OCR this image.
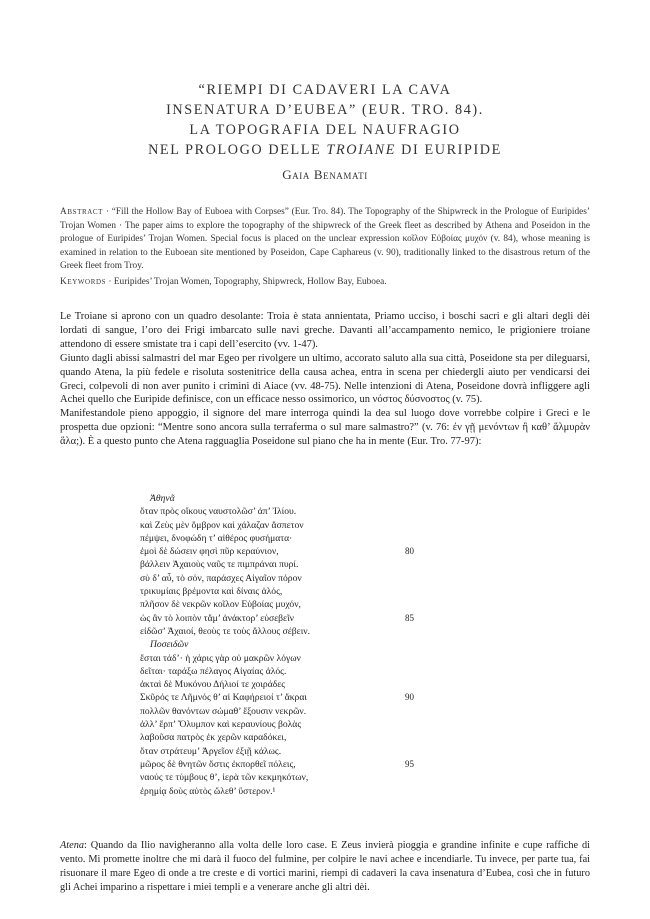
“RIEMPI DI CADAVERI LA CAVA
INSENATURA D’EUBEA” (EUR. TRO. 84).
LA TOPOGRAFIA DEL NAUFRAGIO
NEL PROLOGO DELLE TROIANE DI EURIPIDE
Gaia Benamati
Abstract · “Fill the Hollow Bay of Euboea with Corpses” (Eur. Tro. 84). The Topography of the Shipwreck in the Prologue of Euripides’ Trojan Women · The paper aims to explore the topography of the shipwreck of the Greek fleet as described by Athena and Poseidon in the prologue of Euripides’ Trojan Women. Special focus is placed on the unclear expression κοῖλον Εὐβοίας μυχόν (v. 84), whose meaning is examined in relation to the Euboean site mentioned by Poseidon, Cape Caphareus (v. 90), traditionally linked to the disastrous return of the Greek fleet from Troy.
Keywords · Euripides’ Trojan Women, Topography, Shipwreck, Hollow Bay, Euboea.

Le Troiane si aprono con un quadro desolante: Troia è stata annientata, Priamo ucciso, i boschi sacri e gli altari degli dèi lordati di sangue, l’oro dei Frigi imbarcato sulle navi greche. Davanti all’accampamento nemico, le prigioniere troiane attendono di essere smistate tra i capi dell’esercito (vv. 1-47).

Giunto dagli abissi salmastri del mar Egeo per rivolgere un ultimo, accorato saluto alla sua città, Poseidone sta per dileguarsi, quando Atena, la più fedele e risoluta sostenitrice della causa achea, entra in scena per chiedergli aiuto per vendicarsi dei Greci, colpevoli di non aver punito i crimini di Aiace (vv. 48-75). Nelle intenzioni di Atena, Poseidone dovrà infliggere agli Achei quello che Euripide definisce, con un efficace nesso ossimorico, un νόστος δύσνοστος (v. 75).

Manifestandole pieno appoggio, il signore del mare interroga quindi la dea sul luogo dove vorrebbe colpire i Greci e le prospetta due opzioni: “Mentre sono ancora sulla terraferma o sul mare salmastro?” (v. 76: ἐν γῇ μενόντων ἢ καθ’ ἅλμυρὰν ἅλα;). È a questo punto che Atena ragguaglia Poseidone sul piano che ha in mente (Eur. Tro. 77-97):

Ἀθηνᾶ
ὅταν πρὸς οἴκους ναυστολῶσ’ ἀπ’ Ἰλίου.
καὶ Ζεὺς μὲν ὄμβρον καὶ χάλαζαν ἄσπετον
πέμψει, δνοφώδη τ’ αἰθέρος φυσήματα·
ἐμοὶ δὲ δώσειν φησὶ πῦρ κεραύνιον,	80
βάλλειν Ἀχαιοὺς ναῦς τε πιμπράναι πυρί.
σὺ δ’ αὖ, τὸ σόν, παράσχες Αἰγαῖον πόρον
τρικυμίαις βρέμοντα καὶ δίναις ἁλός,
πλῆσον δὲ νεκρῶν κοῖλον Εὐβοίας μυχόν,
ὡς ἂν τὸ λοιπὸν τἄμ’ ἀνάκτορ’ εὐσεβεῖν	85
εἰδῶσ’ Ἀχαιοί, θεοὺς τε τοὺς ἄλλους σέβειν.
Ποσειδῶν
ἔσται τάδ’· ἡ χάρις γὰρ οὐ μακρῶν λόγων
δεῖται· ταράξω πέλαγος Αἰγαίας ἁλός.
ἀκταὶ δὲ Μυκόνου Δήλιοί τε χοιράδες
Σκῦρός τε Λῆμνός θ’ αἱ Καφήρειοί τ’ ἄκραι	90
πολλῶν θανόντων σώμαθ’ ἕξουσιν νεκρῶν.
ἀλλ’ ἕρπ’ Ὄλυμπον καὶ κεραυνίους βολὰς
λαβοῦσα πατρὸς ἐκ χερῶν καραδόκει,
ὅταν στράτευμ’ Ἀργεῖον ἐξιῇ κάλως.
μῶρος δὲ θνητῶν ὅστις ἐκπορθεῖ πόλεις,	95
ναούς τε τύμβους θ’, ἱερὰ τῶν κεκμηκότων,
ἐρημίᾳ δοὺς αὐτὸς ὤλεθ’ ὕστερον.¹
Atena: Quando da Ilio navigheranno alla volta delle loro case. E Zeus invierà pioggia e grandine infinite e cupe raffiche di vento. Mi promette inoltre che mi darà il fuoco del fulmine, per colpire le navi achee e incendiarle. Tu invece, per parte tua, fai risuonare il mare Egeo di onde a tre creste e di vortici marini, riempi di cadaveri la cava insenatura d’Eubea, così che in futuro gli Achei imparino a rispettare i miei templi e a venerare anche gli altri dèi.
